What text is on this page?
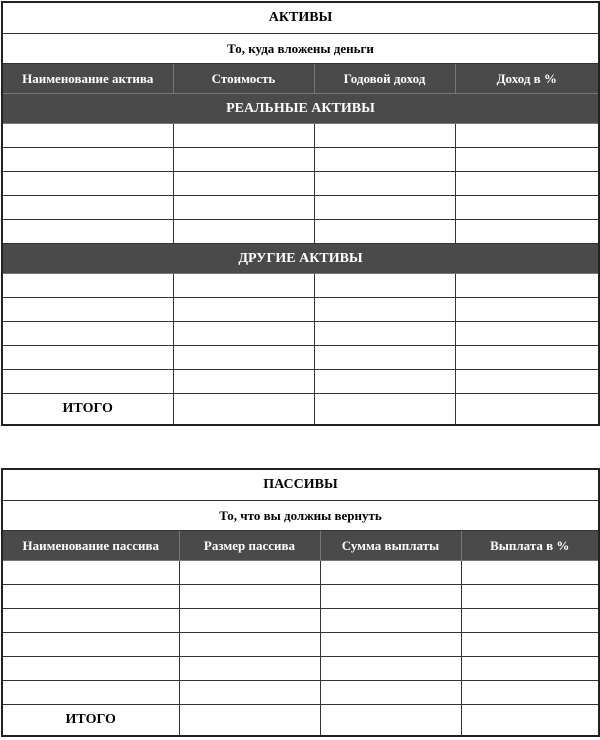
АКТИВЫ			
То, куда вложены деньги			
Наименование актива	Стоимость	Годовой доход	Доход в %
РЕАЛЬНЫЕ АКТИВЫ			

ДРУГИЕ АКТИВЫ			

ИТОГО			
ПАССИВЫ			
То, что вы должны вернуть			
Наименование пассива	Размер пассива	Сумма выплаты	Выплата в %

ИТОГО			
